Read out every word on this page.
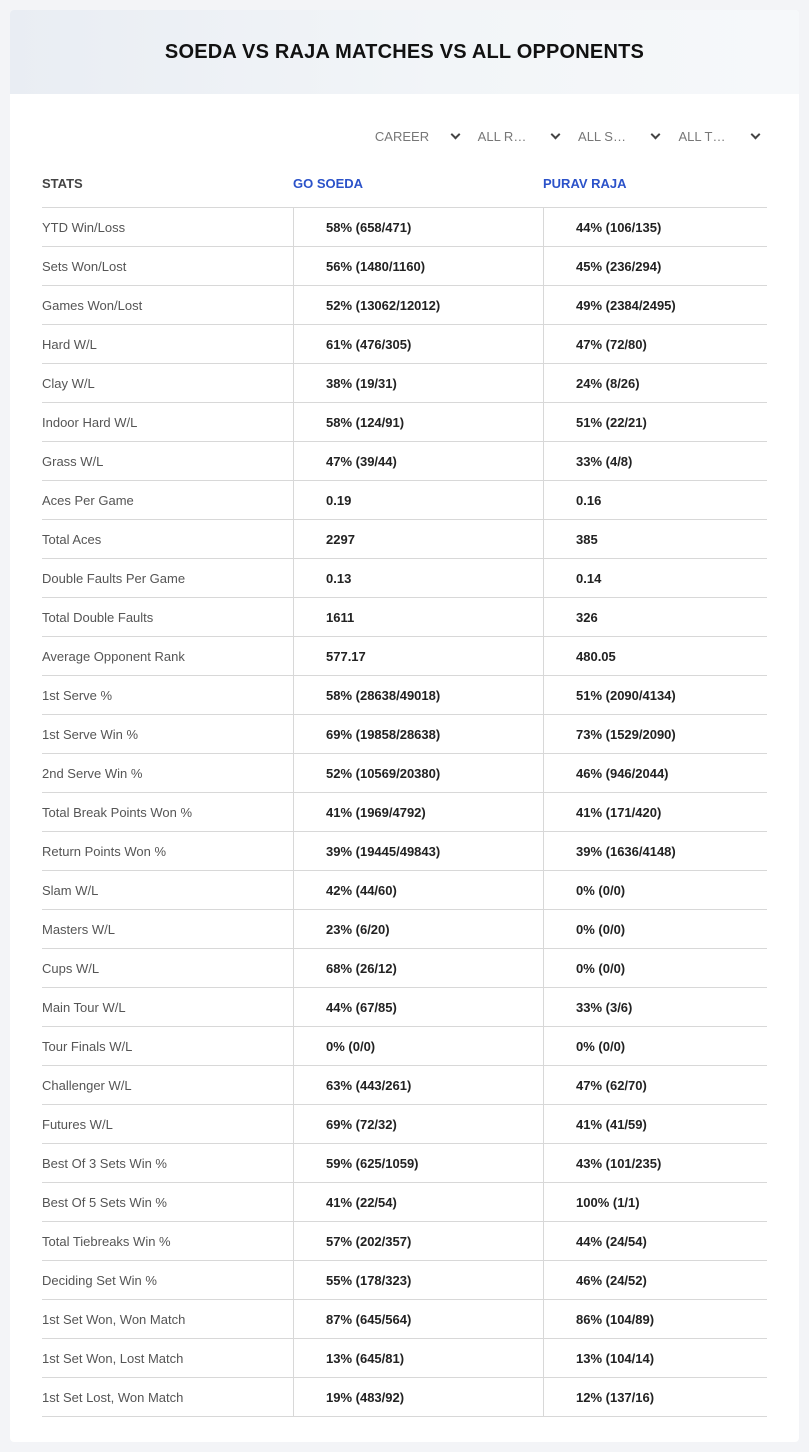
SOEDA VS RAJA MATCHES VS ALL OPPONENTS
CAREER	ALL R…	ALL S…	ALL T…
STATS	GO SOEDA	PURAV RAJA
YTD Win/Loss	58% (658/471)	44% (106/135)
Sets Won/Lost	56% (1480/1160)	45% (236/294)
Games Won/Lost	52% (13062/12012)	49% (2384/2495)
Hard W/L	61% (476/305)	47% (72/80)
Clay W/L	38% (19/31)	24% (8/26)
Indoor Hard W/L	58% (124/91)	51% (22/21)
Grass W/L	47% (39/44)	33% (4/8)
Aces Per Game	0.19	0.16
Total Aces	2297	385
Double Faults Per Game	0.13	0.14
Total Double Faults	1611	326
Average Opponent Rank	577.17	480.05
1st Serve %	58% (28638/49018)	51% (2090/4134)
1st Serve Win %	69% (19858/28638)	73% (1529/2090)
2nd Serve Win %	52% (10569/20380)	46% (946/2044)
Total Break Points Won %	41% (1969/4792)	41% (171/420)
Return Points Won %	39% (19445/49843)	39% (1636/4148)
Slam W/L	42% (44/60)	0% (0/0)
Masters W/L	23% (6/20)	0% (0/0)
Cups W/L	68% (26/12)	0% (0/0)
Main Tour W/L	44% (67/85)	33% (3/6)
Tour Finals W/L	0% (0/0)	0% (0/0)
Challenger W/L	63% (443/261)	47% (62/70)
Futures W/L	69% (72/32)	41% (41/59)
Best Of 3 Sets Win %	59% (625/1059)	43% (101/235)
Best Of 5 Sets Win %	41% (22/54)	100% (1/1)
Total Tiebreaks Win %	57% (202/357)	44% (24/54)
Deciding Set Win %	55% (178/323)	46% (24/52)
1st Set Won, Won Match	87% (645/564)	86% (104/89)
1st Set Won, Lost Match	13% (645/81)	13% (104/14)
1st Set Lost, Won Match	19% (483/92)	12% (137/16)
